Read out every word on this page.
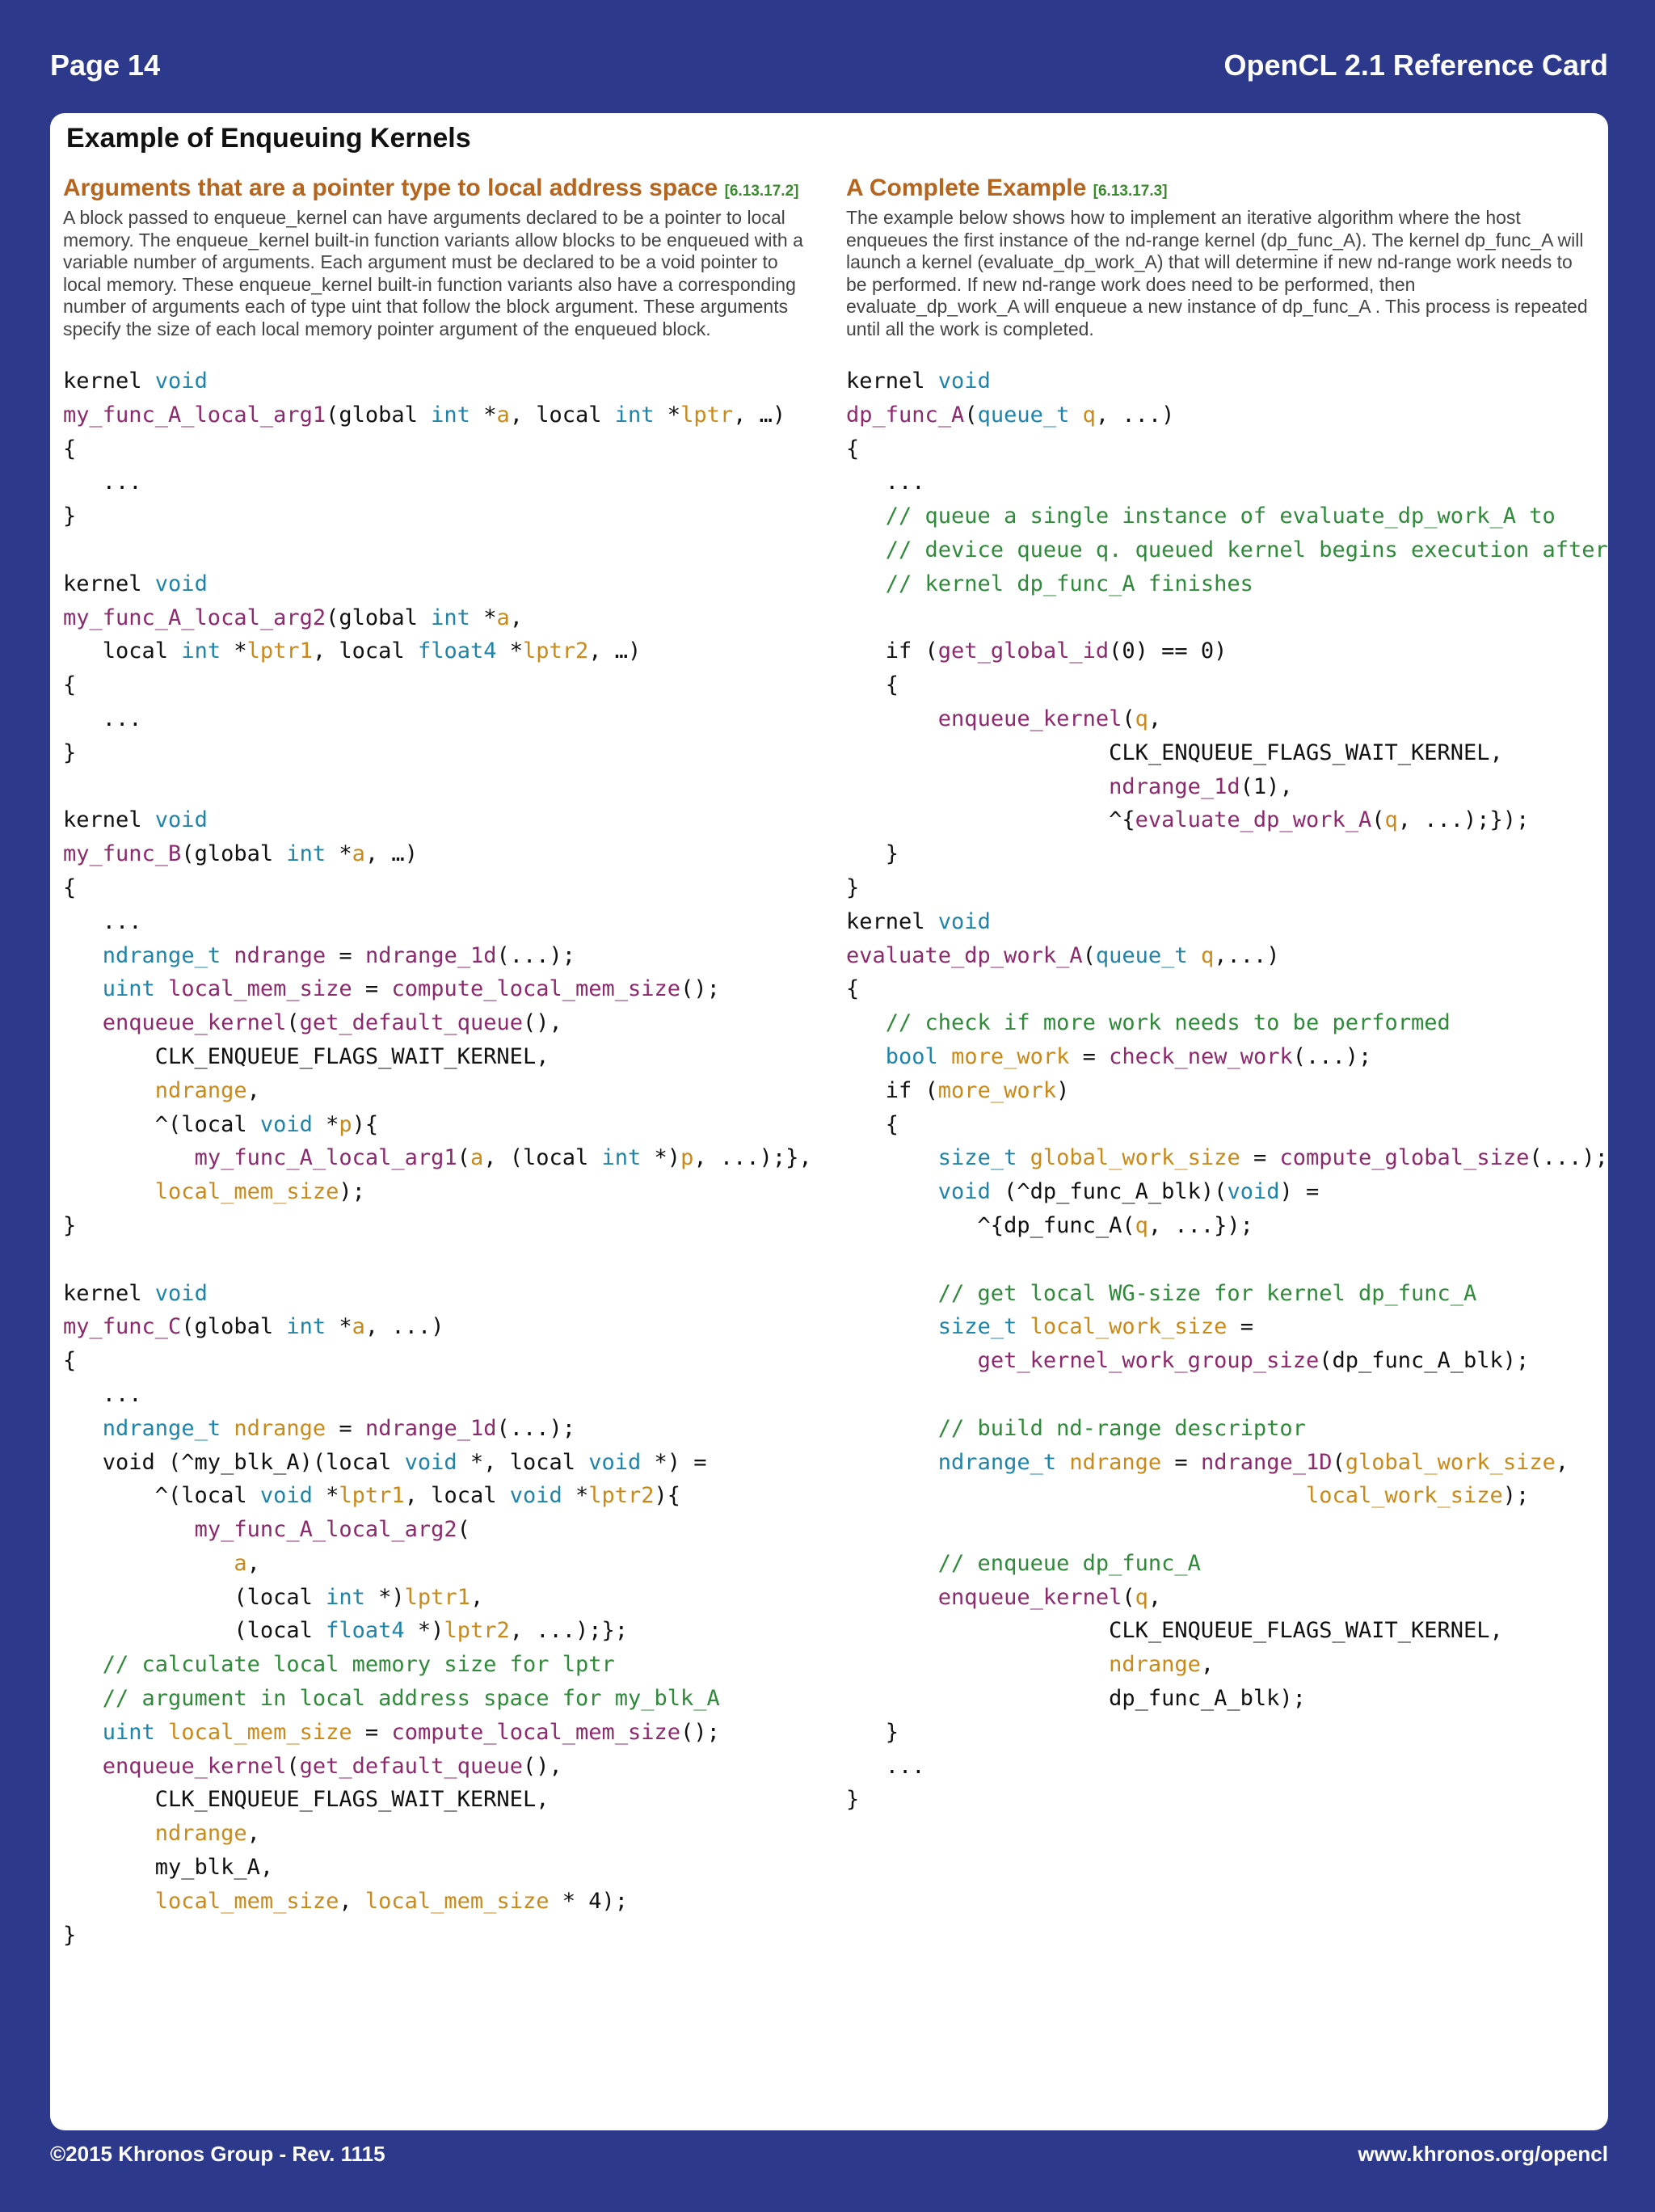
Page 14	OpenCL 2.1 Reference Card
Example of Enqueuing Kernels
Arguments that are a pointer type to local address space [6.13.17.2]
A block passed to enqueue_kernel can have arguments declared to be a pointer to local memory. The enqueue_kernel built-in function variants allow blocks to be enqueued with a variable number of arguments. Each argument must be declared to be a void pointer to local memory. These enqueue_kernel built-in function variants also have a corresponding number of arguments each of type uint that follow the block argument. These arguments specify the size of each local memory pointer argument of the enqueued block.
kernel void
my_func_A_local_arg1(global int *a, local int *lptr, …)
{
...
}

kernel void
my_func_A_local_arg2(global int *a,
local int *lptr1, local float4 *lptr2, …)
{
...
}

kernel void
my_func_B(global int *a, …)
{
...
ndrange_t ndrange = ndrange_1d(...);
uint local_mem_size = compute_local_mem_size();
enqueue_kernel(get_default_queue(),
CLK_ENQUEUE_FLAGS_WAIT_KERNEL,
ndrange,
^(local void *p){
my_func_A_local_arg1(a, (local int *)p, ...);},
local_mem_size);
}

kernel void
my_func_C(global int *a, ...)
{
...
ndrange_t ndrange = ndrange_1d(...);
void (^my_blk_A)(local void *, local void *) =
^(local void *lptr1, local void *lptr2){
my_func_A_local_arg2(
a,
(local int *)lptr1,
(local float4 *)lptr2, ...);};
// calculate local memory size for lptr
// argument in local address space for my_blk_A
uint local_mem_size = compute_local_mem_size();
enqueue_kernel(get_default_queue(),
CLK_ENQUEUE_FLAGS_WAIT_KERNEL,
ndrange,
my_blk_A,
local_mem_size, local_mem_size * 4);
}
A Complete Example [6.13.17.3]
The example below shows how to implement an iterative algorithm where the host enqueues the first instance of the nd-range kernel (dp_func_A). The kernel dp_func_A will launch a kernel (evaluate_dp_work_A) that will determine if new nd-range work needs to be performed. If new nd-range work does need to be performed, then evaluate_dp_work_A will enqueue a new instance of dp_func_A . This process is repeated until all the work is completed.
kernel void
dp_func_A(queue_t q, ...)
{
...
// queue a single instance of evaluate_dp_work_A to
// device queue q. queued kernel begins execution after
// kernel dp_func_A finishes

if (get_global_id(0) == 0)
{
enqueue_kernel(q,
CLK_ENQUEUE_FLAGS_WAIT_KERNEL,
ndrange_1d(1),
^{evaluate_dp_work_A(q, ...);});
}
}
kernel void
evaluate_dp_work_A(queue_t q,...)
{
// check if more work needs to be performed
bool more_work = check_new_work(...);
if (more_work)
{
size_t global_work_size = compute_global_size(...);
void (^dp_func_A_blk)(void) =
^{dp_func_A(q, ...});

// get local WG-size for kernel dp_func_A
size_t local_work_size =
get_kernel_work_group_size(dp_func_A_blk);

// build nd-range descriptor
ndrange_t ndrange = ndrange_1D(global_work_size,
local_work_size);

// enqueue dp_func_A
enqueue_kernel(q,
CLK_ENQUEUE_FLAGS_WAIT_KERNEL,
ndrange,
dp_func_A_blk);
}
...
}
©2015 Khronos Group - Rev. 1115	www.khronos.org/opencl
